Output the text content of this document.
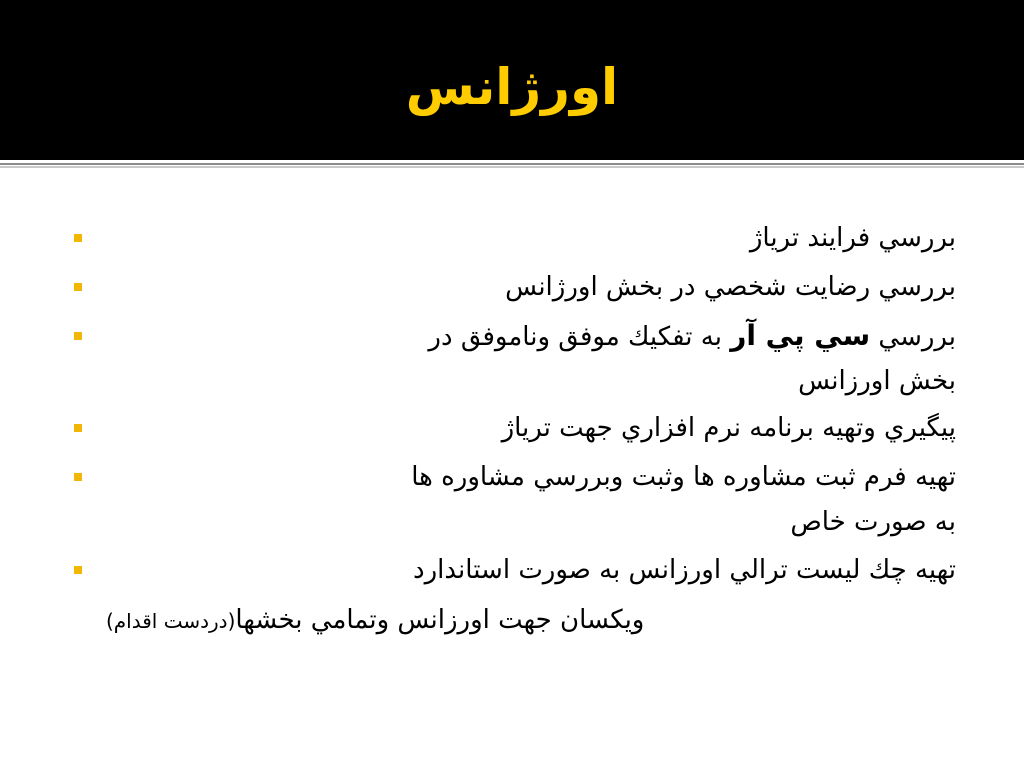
اورژانس
بررسي فرايند ترياژ
بررسي رضايت شخصي در بخش اورژانس
بررسي سي پي آر به تفكيك موفق وناموفق در
بخش اورزانس
پيگيري وتهيه برنامه نرم افزاري جهت ترياژ
تهيه فرم ثبت مشاوره ها وثبت وبررسي مشاوره ها
به صورت خاص
تهيه چك ليست ترالي اورزانس به صورت استاندارد
ويكسان جهت اورزانس وتمامي بخشها(دردست اقدام)
